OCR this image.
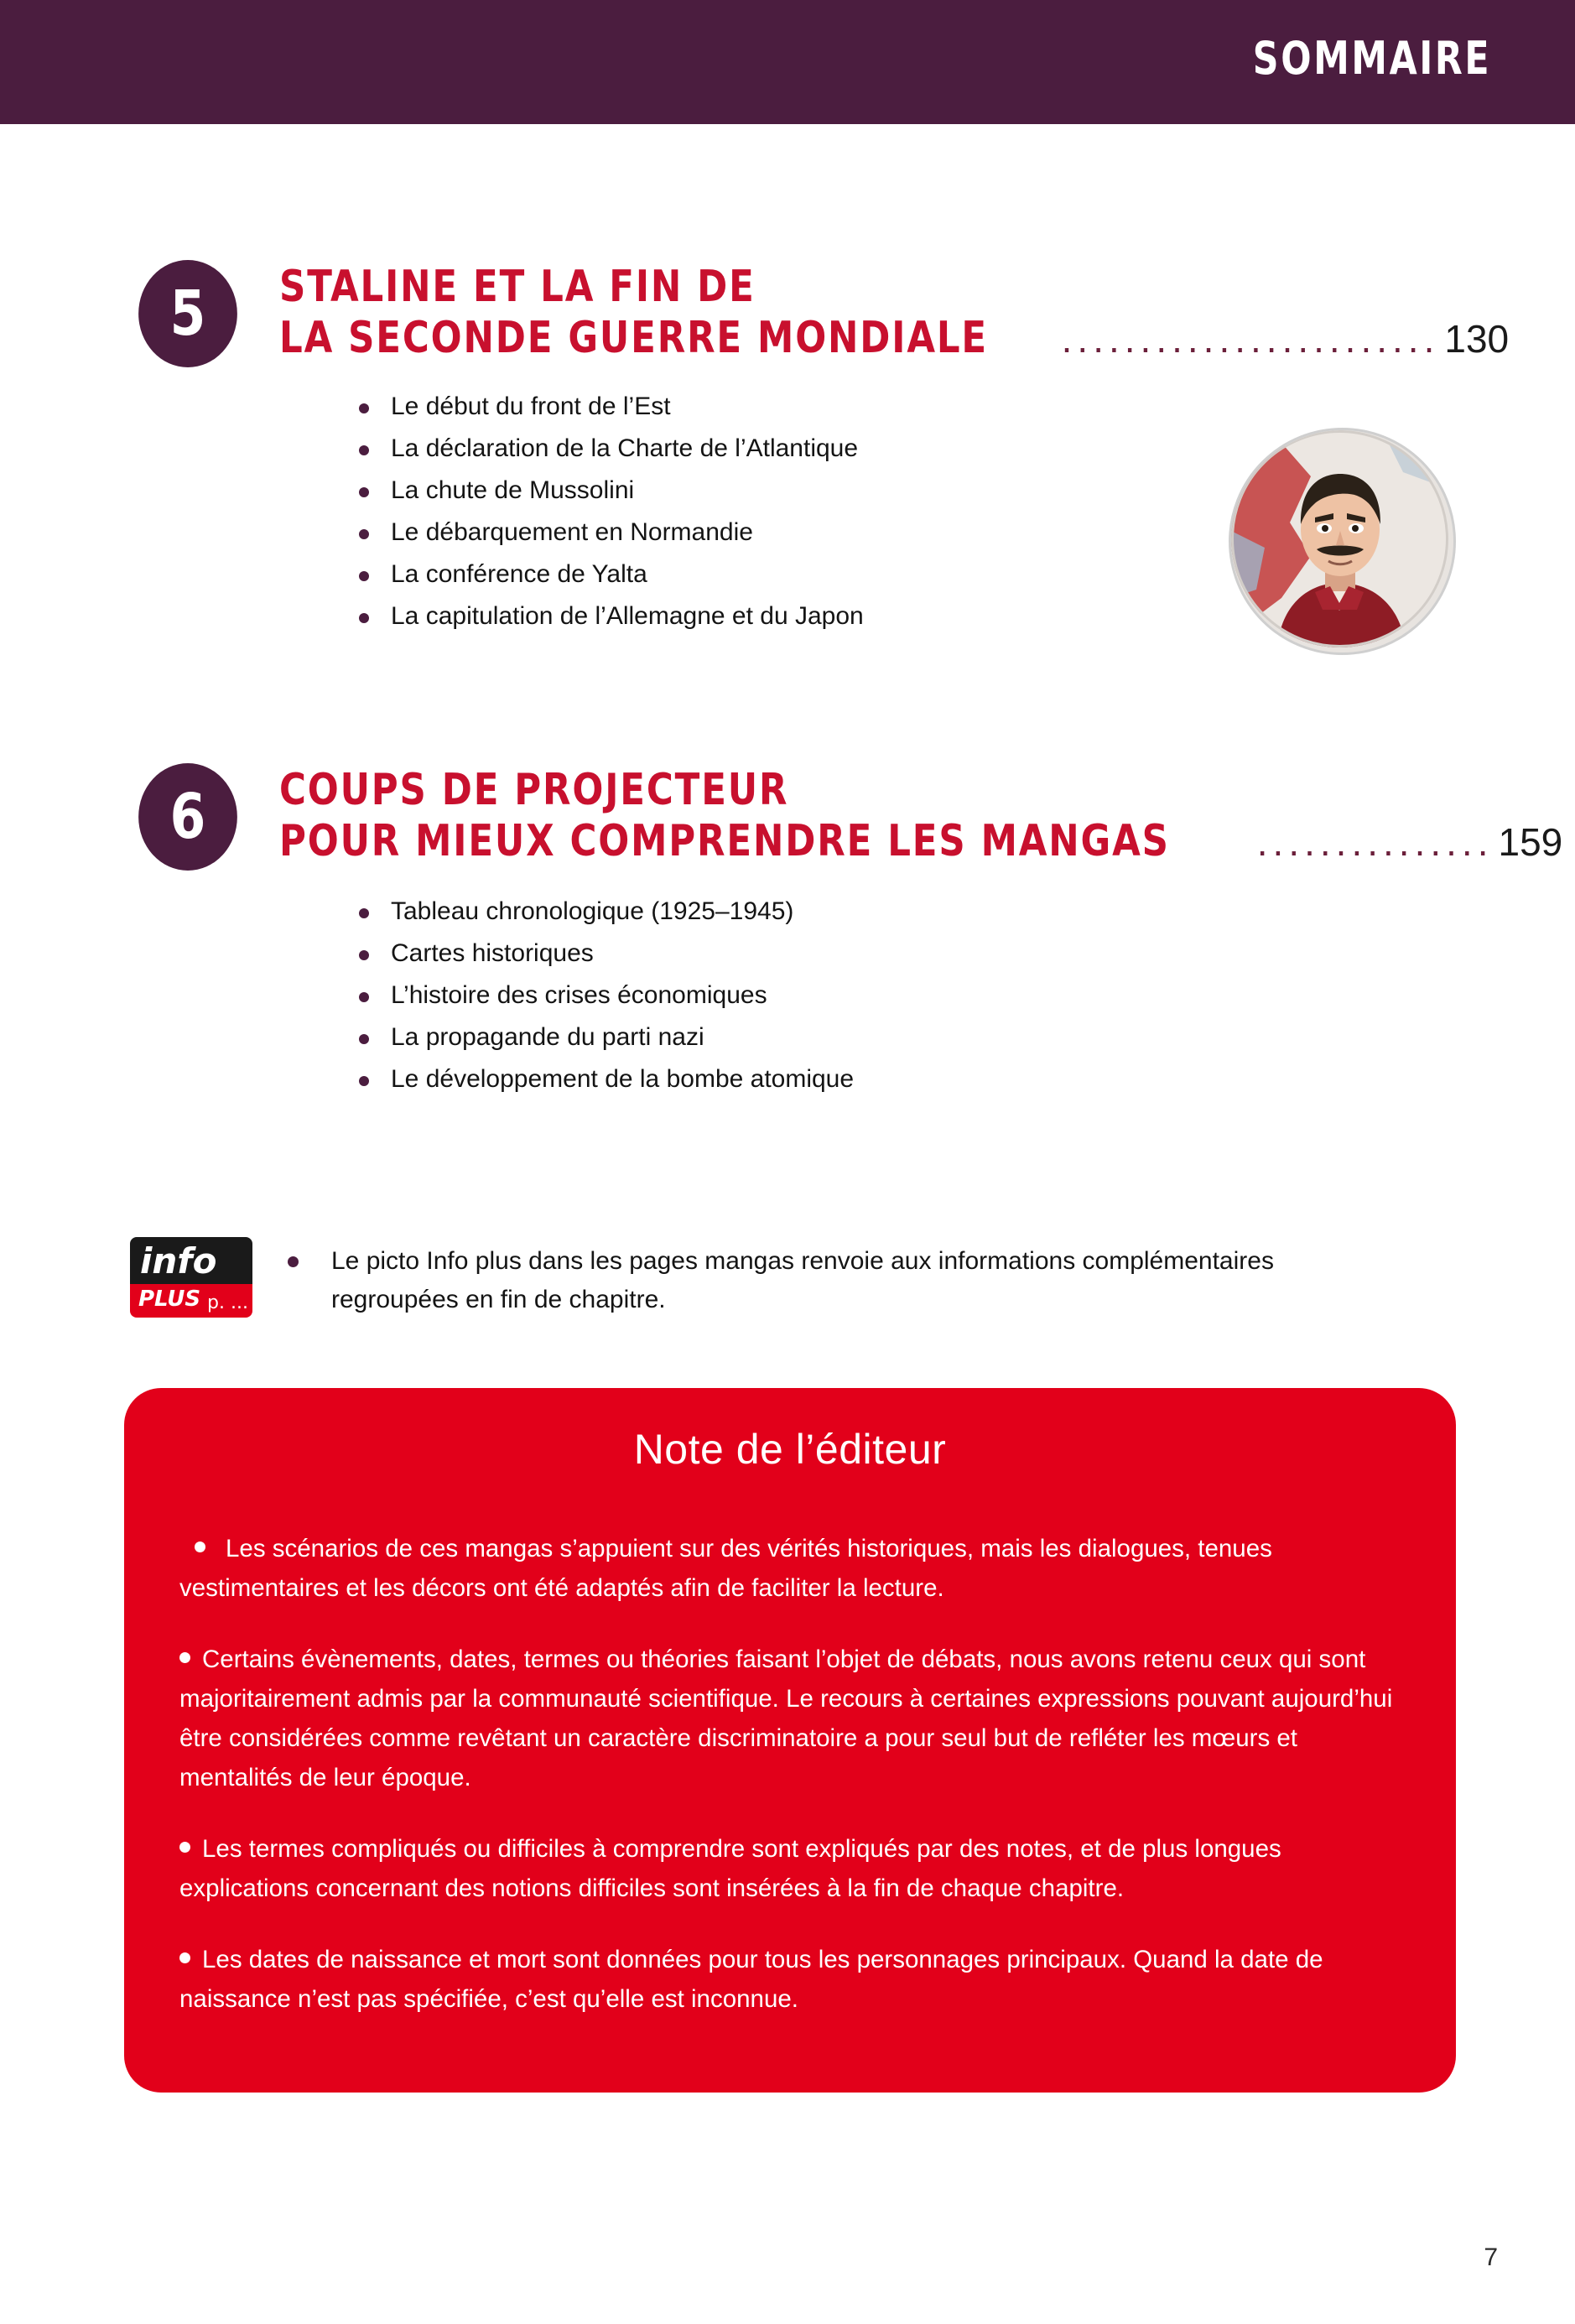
SOMMAIRE
5	STALINE ET LA FIN DE
LA SECONDE GUERRE MONDIALE ........................ 130
Le début du front de l’Est
La déclaration de la Charte de l’Atlantique
La chute de Mussolini
Le débarquement en Normandie
La conférence de Yalta
La capitulation de l’Allemagne et du Japon
6	COUPS DE PROJECTEUR
POUR MIEUX COMPRENDRE LES MANGAS ............... 159
Tableau chronologique (1925–1945)
Cartes historiques
L’histoire des crises économiques
La propagande du parti nazi
Le développement de la bombe atomique
info
PLUS p. ...
Le picto Info plus dans les pages mangas renvoie aux informations complémentaires regroupées en fin de chapitre.
Note de l’éditeur

Les scénarios de ces mangas s’appuient sur des vérités historiques, mais les dialogues, tenues vestimentaires et les décors ont été adaptés afin de faciliter la lecture.

Certains évènements, dates, termes ou théories faisant l’objet de débats, nous avons retenu ceux qui sont majoritairement admis par la communauté scientifique. Le recours à certaines expressions pouvant aujourd’hui être considérées comme revêtant un caractère discriminatoire a pour seul but de refléter les mœurs et mentalités de leur époque.

Les termes compliqués ou difficiles à comprendre sont expliqués par des notes, et de plus longues explications concernant des notions difficiles sont insérées à la fin de chaque chapitre.

Les dates de naissance et mort sont données pour tous les personnages principaux. Quand la date de naissance n’est pas spécifiée, c’est qu’elle est inconnue.

7
